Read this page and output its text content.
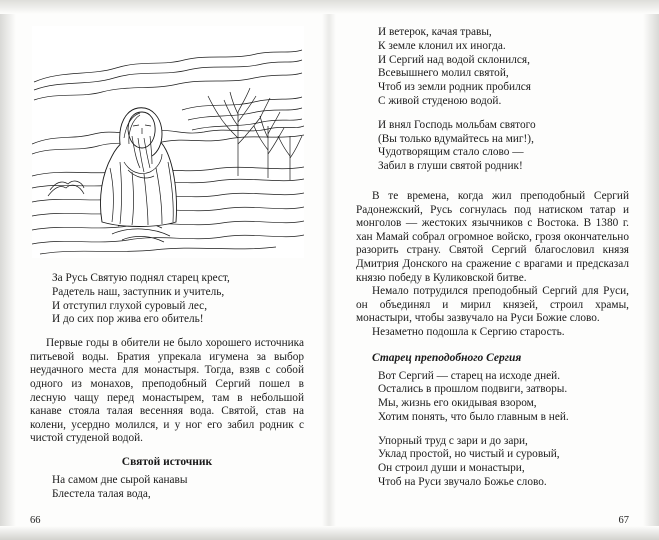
За Русь Святую поднял старец крест,
Радетель наш, заступник и учитель,
И отступил глухой суровый лес,
И до сих пор жива его обитель!

Первые годы в обители не было хорошего источника питьевой воды. Братия упрекала игумена за выбор неудачного места для монастыря. Тогда, взяв с собой одного из монахов, преподобный Сергий пошел в лесную чащу перед монастырем, там в небольшой канаве стояла талая весенняя вода. Святой, став на колени, усердно молился, и у ног его забил родник с чистой студеной водой.

Святой источник
На самом дне сырой канавы
Блестела талая вода,
66
И ветерок, качая травы,
К земле клонил их иногда.
И Сергий над водой склонился,
Всевышнего молил святой,
Чтоб из земли родник пробился
С живой студеною водой.
И внял Господь мольбам святого
(Вы только вдумайтесь на миг!),
Чудотворящим стало слово —
Забил в глуши святой родник!

В те времена, когда жил преподобный Сергий Радонежский, Русь согнулась под натиском татар и монголов — жестоких язычников с Востока. В 1380 г. хан Мамай собрал огромное войско, грозя окончательно разорить страну. Святой Сергий благословил князя Дмитрия Донского на сражение с врагами и предсказал князю победу в Куликовской битве.

Немало потрудился преподобный Сергий для Руси, он объединял и мирил князей, строил храмы, монастыри, чтобы зазвучало на Руси Божие слово.

Незаметно подошла к Сергию старость.

Старец преподобного Сергия
Вот Сергий — старец на исходе дней.
Остались в прошлом подвиги, затворы.
Мы, жизнь его окидывая взором,
Хотим понять, что было главным в ней.
Упорный труд с зари и до зари,
Уклад простой, но чистый и суровый,
Он строил души и монастыри,
Чтоб на Руси звучало Божье слово.
67
